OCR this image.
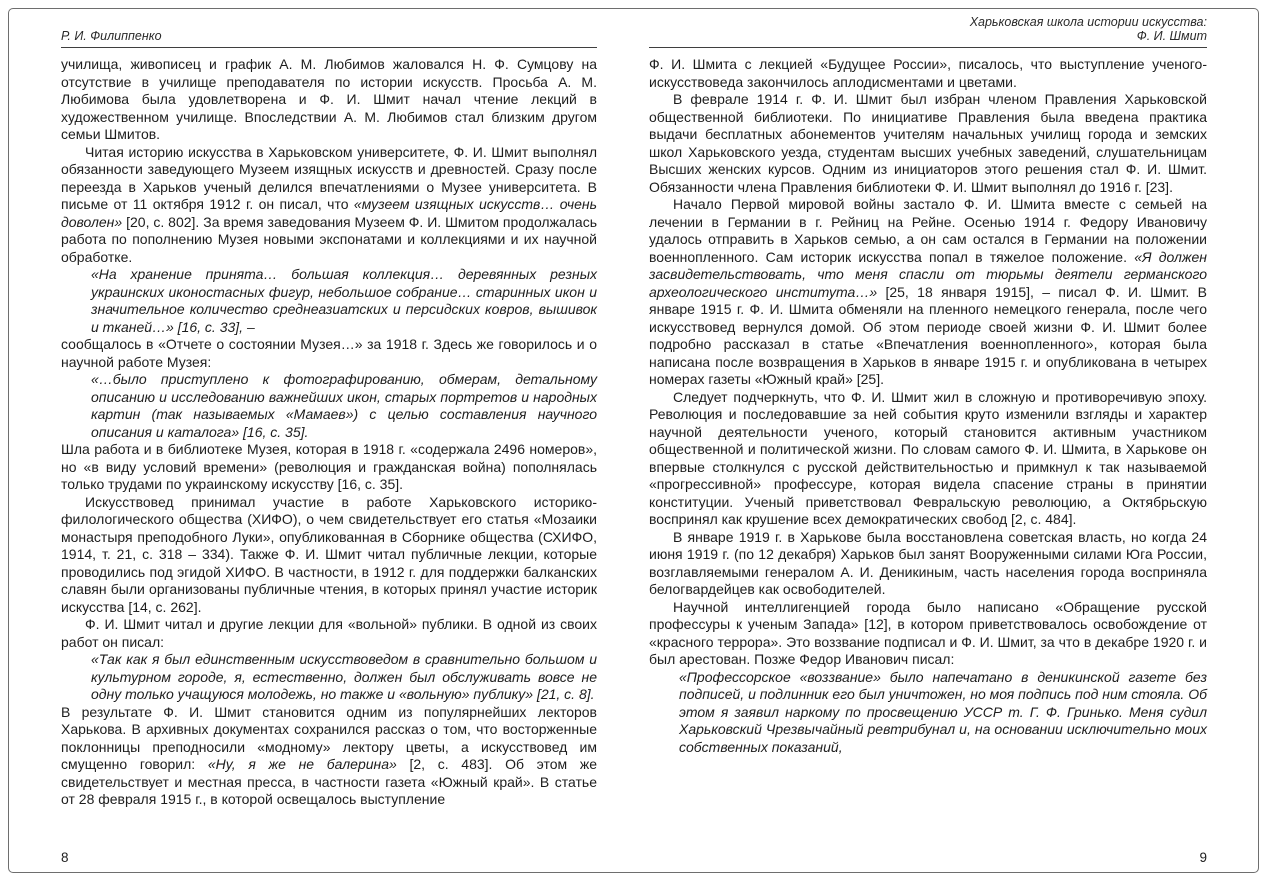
Р. И. Филиппенко

училища, живописец и график А. М. Любимов жаловался Н. Ф. Сумцову на отсутствие в училище преподавателя по истории искусств. Просьба А. М. Любимова была удовлетворена и Ф. И. Шмит начал чтение лекций в художественном училище. Впоследствии А. М. Любимов стал близким другом семьи Шмитов.

Читая историю искусства в Харьковском университете, Ф. И. Шмит выполнял обязанности заведующего Музеем изящных искусств и древностей. Сразу после переезда в Харьков ученый делился впечатлениями о Музее университета. В письме от 11 октября 1912 г. он писал, что «музеем изящных искусств… очень доволен» [20, с. 802]. За время заведования Музеем Ф. И. Шмитом продолжалась работа по пополнению Музея новыми экспонатами и коллекциями и их научной обработке.

«На хранение принята… большая коллекция… деревянных резных украинских иконостасных фигур, небольшое собрание… старинных икон и значительное количество среднеазиатских и персидских ковров, вышивок и тканей…» [16, с. 33], –

сообщалось в «Отчете о состоянии Музея…» за 1918 г. Здесь же говорилось и о научной работе Музея:

«…было приступлено к фотографированию, обмерам, детальному описанию и исследованию важнейших икон, старых портретов и народных картин (так называемых «Мамаев») с целью составления научного описания и каталога» [16, с. 35].

Шла работа и в библиотеке Музея, которая в 1918 г. «содержала 2496 номеров», но «в виду условий времени» (революция и гражданская война) пополнялась только трудами по украинскому искусству [16, с. 35].

Искусствовед принимал участие в работе Харьковского историко-филологического общества (ХИФО), о чем свидетельствует его статья «Мозаики монастыря преподобного Луки», опубликованная в Сборнике общества (СХИФО, 1914, т. 21, с. 318 – 334). Также Ф. И. Шмит читал публичные лекции, которые проводились под эгидой ХИФО. В частности, в 1912 г. для поддержки балканских славян были организованы публичные чтения, в которых принял участие историк искусства [14, с. 262].

Ф. И. Шмит читал и другие лекции для «вольной» публики. В одной из своих работ он писал:

«Так как я был единственным искусствоведом в сравнительно большом и культурном городе, я, естественно, должен был обслуживать вовсе не одну только учащуюся молодежь, но также и «вольную» публику» [21, с. 8].

В результате Ф. И. Шмит становится одним из популярнейших лекторов Харькова. В архивных документах сохранился рассказ о том, что восторженные поклонницы преподносили «модному» лектору цветы, а искусствовед им смущенно говорил: «Ну, я же не балерина» [2, с. 483]. Об этом же свидетельствует и местная пресса, в частности газета «Южный край». В статье от 28 февраля 1915 г., в которой освещалось выступление

8
Харьковская школа истории искусства:
Ф. И. Шмит

Ф. И. Шмита с лекцией «Будущее России», писалось, что выступление ученого-искусствоведа закончилось аплодисментами и цветами.

В феврале 1914 г. Ф. И. Шмит был избран членом Правления Харьковской общественной библиотеки. По инициативе Правления была введена практика выдачи бесплатных абонементов учителям начальных училищ города и земских школ Харьковского уезда, студентам высших учебных заведений, слушательницам Высших женских курсов. Одним из инициаторов этого решения стал Ф. И. Шмит. Обязанности члена Правления библиотеки Ф. И. Шмит выполнял до 1916 г. [23].

Начало Первой мировой войны застало Ф. И. Шмита вместе с семьей на лечении в Германии в г. Рейниц на Рейне. Осенью 1914 г. Федору Ивановичу удалось отправить в Харьков семью, а он сам остался в Германии на положении военнопленного. Сам историк искусства попал в тяжелое положение. «Я должен засвидетельствовать, что меня спасли от тюрьмы деятели германского археологического института…» [25, 18 января 1915], – писал Ф. И. Шмит. В январе 1915 г. Ф. И. Шмита обменяли на пленного немецкого генерала, после чего искусствовед вернулся домой. Об этом периоде своей жизни Ф. И. Шмит более подробно рассказал в статье «Впечатления военнопленного», которая была написана после возвращения в Харьков в январе 1915 г. и опубликована в четырех номерах газеты «Южный край» [25].

Следует подчеркнуть, что Ф. И. Шмит жил в сложную и противоречивую эпоху. Революция и последовавшие за ней события круто изменили взгляды и характер научной деятельности ученого, который становится активным участником общественной и политической жизни. По словам самого Ф. И. Шмита, в Харькове он впервые столкнулся с русской действительностью и примкнул к так называемой «прогрессивной» профессуре, которая видела спасение страны в принятии конституции. Ученый приветствовал Февральскую революцию, а Октябрьскую воспринял как крушение всех демократических свобод [2, с. 484].

В январе 1919 г. в Харькове была восстановлена советская власть, но когда 24 июня 1919 г. (по 12 декабря) Харьков был занят Вооруженными силами Юга России, возглавляемыми генералом А. И. Деникиным, часть населения города восприняла белогвардейцев как освободителей.

Научной интеллигенцией города было написано «Обращение русской профессуры к ученым Запада» [12], в котором приветствовалось освобождение от «красного террора». Это воззвание подписал и Ф. И. Шмит, за что в декабре 1920 г. и был арестован. Позже Федор Иванович писал:

«Профессорское «воззвание» было напечатано в деникинской газете без подписей, и подлинник его был уничтожен, но моя подпись под ним стояла. Об этом я заявил наркому по просвещению УССР т. Г. Ф. Гринько. Меня судил Харьковский Чрезвычайный ревтрибунал и, на основании исключительно моих собственных показаний,

9
